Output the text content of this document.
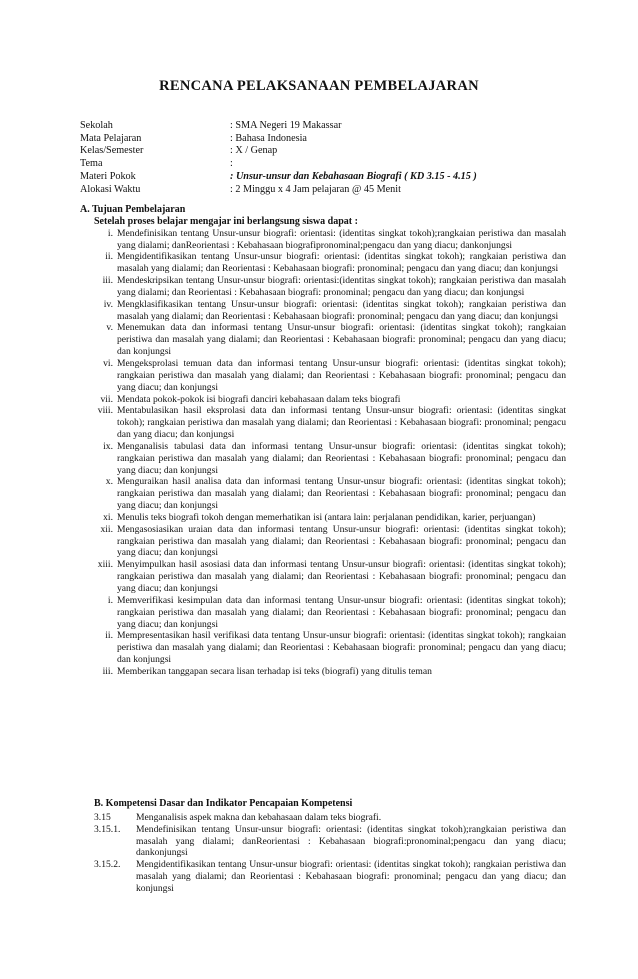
RENCANA PELAKSANAAN PEMBELAJARAN
Sekolah	: SMA Negeri 19 Makassar
Mata Pelajaran	: Bahasa Indonesia
Kelas/Semester	: X / Genap
Tema	:
Materi Pokok	: Unsur-unsur dan Kebahasaan Biografi ( KD 3.15 - 4.15 )
Alokasi Waktu	: 2 Minggu x 4 Jam pelajaran @ 45 Menit
A. Tujuan Pembelajaran
Setelah proses belajar mengajar ini berlangsung siswa dapat :
i. Mendefinisikan tentang Unsur-unsur biografi: orientasi: (identitas singkat tokoh);rangkaian peristiwa dan masalah yang dialami; danReorientasi : Kebahasaan biografipronominal;pengacu dan yang diacu; dankonjungsi
ii. Mengidentifikasikan tentang Unsur-unsur biografi: orientasi: (identitas singkat tokoh); rangkaian peristiwa dan masalah yang dialami; dan Reorientasi : Kebahasaan biografi: pronominal; pengacu dan yang diacu; dan konjungsi
iii. Mendeskripsikan tentang Unsur-unsur biografi: orientasi:(identitas singkat tokoh); rangkaian peristiwa dan masalah yang dialami; dan Reorientasi : Kebahasaan biografi: pronominal; pengacu dan yang diacu; dan konjungsi
iv. Mengklasifikasikan tentang Unsur-unsur biografi: orientasi: (identitas singkat tokoh); rangkaian peristiwa dan masalah yang dialami; dan Reorientasi : Kebahasaan biografi: pronominal; pengacu dan yang diacu; dan konjungsi
v. Menemukan data dan informasi tentang Unsur-unsur biografi: orientasi: (identitas singkat tokoh); rangkaian peristiwa dan masalah yang dialami; dan Reorientasi : Kebahasaan biografi: pronominal; pengacu dan yang diacu; dan konjungsi
vi. Mengeksprolasi temuan data dan informasi tentang Unsur-unsur biografi: orientasi: (identitas singkat tokoh); rangkaian peristiwa dan masalah yang dialami; dan Reorientasi : Kebahasaan biografi: pronominal; pengacu dan yang diacu; dan konjungsi
vii. Mendata pokok-pokok isi biografi danciri kebahasaan dalam teks biografi
viii. Mentabulasikan hasil eksprolasi data dan informasi tentang Unsur-unsur biografi: orientasi: (identitas singkat tokoh); rangkaian peristiwa dan masalah yang dialami; dan Reorientasi : Kebahasaan biografi: pronominal; pengacu dan yang diacu; dan konjungsi
ix. Menganalisis tabulasi data dan informasi tentang Unsur-unsur biografi: orientasi: (identitas singkat tokoh); rangkaian peristiwa dan masalah yang dialami; dan Reorientasi : Kebahasaan biografi: pronominal; pengacu dan yang diacu; dan konjungsi
x. Menguraikan hasil analisa data dan informasi tentang Unsur-unsur biografi: orientasi: (identitas singkat tokoh); rangkaian peristiwa dan masalah yang dialami; dan Reorientasi : Kebahasaan biografi: pronominal; pengacu dan yang diacu; dan konjungsi
xi. Menulis teks biografi tokoh dengan memerhatikan isi (antara lain: perjalanan pendidikan, karier, perjuangan)
xii. Mengasosiasikan uraian data dan informasi tentang Unsur-unsur biografi: orientasi: (identitas singkat tokoh); rangkaian peristiwa dan masalah yang dialami; dan Reorientasi : Kebahasaan biografi: pronominal; pengacu dan yang diacu; dan konjungsi
xiii. Menyimpulkan hasil asosiasi data dan informasi tentang Unsur-unsur biografi: orientasi: (identitas singkat tokoh); rangkaian peristiwa dan masalah yang dialami; dan Reorientasi : Kebahasaan biografi: pronominal; pengacu dan yang diacu; dan konjungsi
i. Memverifikasi kesimpulan data dan informasi tentang Unsur-unsur biografi: orientasi: (identitas singkat tokoh); rangkaian peristiwa dan masalah yang dialami; dan Reorientasi : Kebahasaan biografi: pronominal; pengacu dan yang diacu; dan konjungsi
ii. Mempresentasikan hasil verifikasi data tentang Unsur-unsur biografi: orientasi: (identitas singkat tokoh); rangkaian peristiwa dan masalah yang dialami; dan Reorientasi : Kebahasaan biografi: pronominal; pengacu dan yang diacu; dan konjungsi
iii. Memberikan tanggapan secara lisan terhadap isi teks (biografi) yang ditulis teman
B. Kompetensi Dasar dan Indikator Pencapaian Kompetensi
3.15	Menganalisis aspek makna dan kebahasaan dalam teks biografi.
3.15.1.	Mendefinisikan tentang Unsur-unsur biografi: orientasi: (identitas singkat tokoh);rangkaian peristiwa dan masalah yang dialami; danReorientasi : Kebahasaan biografi:pronominal;pengacu dan yang diacu; dankonjungsi
3.15.2.	Mengidentifikasikan tentang Unsur-unsur biografi: orientasi: (identitas singkat tokoh); rangkaian peristiwa dan masalah yang dialami; dan Reorientasi : Kebahasaan biografi: pronominal; pengacu dan yang diacu; dan konjungsi
